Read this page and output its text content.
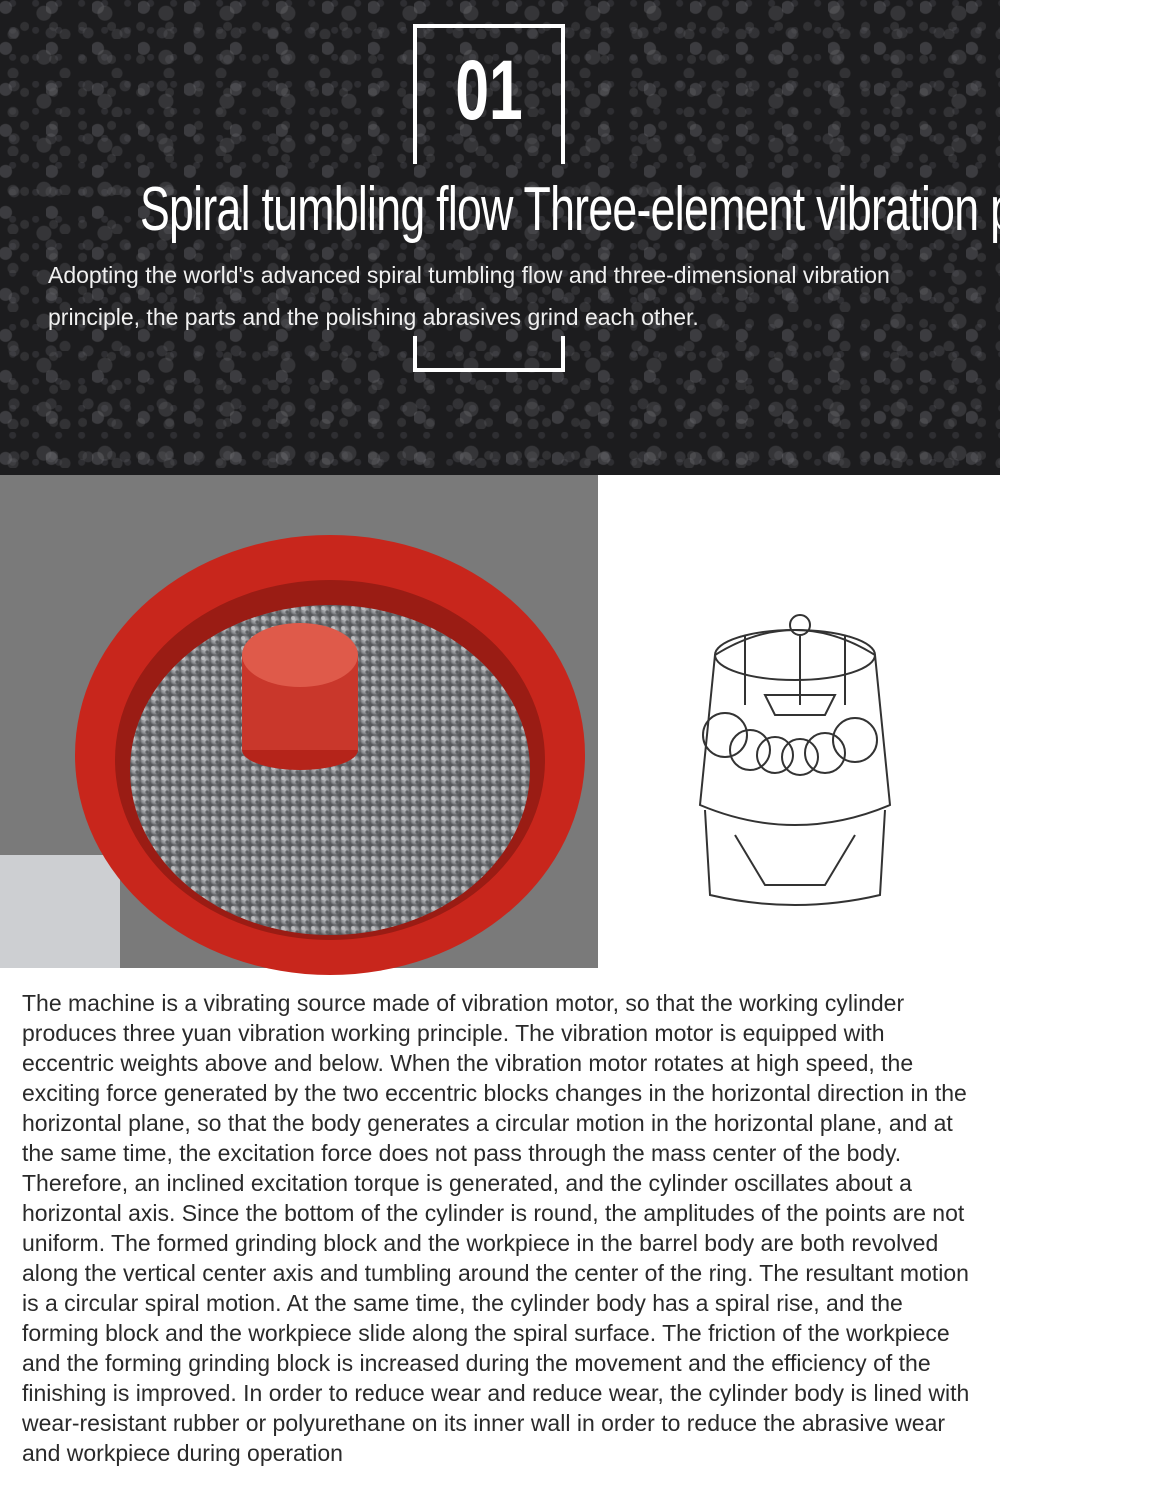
01
Spiral tumbling flow Three-element vibration principle
Adopting the world's advanced spiral tumbling flow and three-dimensional vibration
principle, the parts and the polishing abrasives grind each other.
The machine is a vibrating source made of vibration motor, so that the working cylinder produces three yuan vibration working principle. The vibration motor is equipped with eccentric weights above and below. When the vibration motor rotates at high speed, the exciting force generated by the two eccentric blocks changes in the horizontal direction in the horizontal plane, so that the body generates a circular motion in the horizontal plane, and at the same time, the excitation force does not pass through the mass center of the body. Therefore, an inclined excitation torque is generated, and the cylinder oscillates about a horizontal axis. Since the bottom of the cylinder is round, the amplitudes of the points are not uniform. The formed grinding block and the workpiece in the barrel body are both revolved along the vertical center axis and tumbling around the center of the ring. The resultant motion is a circular spiral motion. At the same time, the cylinder body has a spiral rise, and the forming block and the workpiece slide along the spiral surface. The friction of the workpiece and the forming grinding block is increased during the movement and the efficiency of the finishing is improved. In order to reduce wear and reduce wear, the cylinder body is lined with wear-resistant rubber or polyurethane on its inner wall in order to reduce the abrasive wear and workpiece during operation
